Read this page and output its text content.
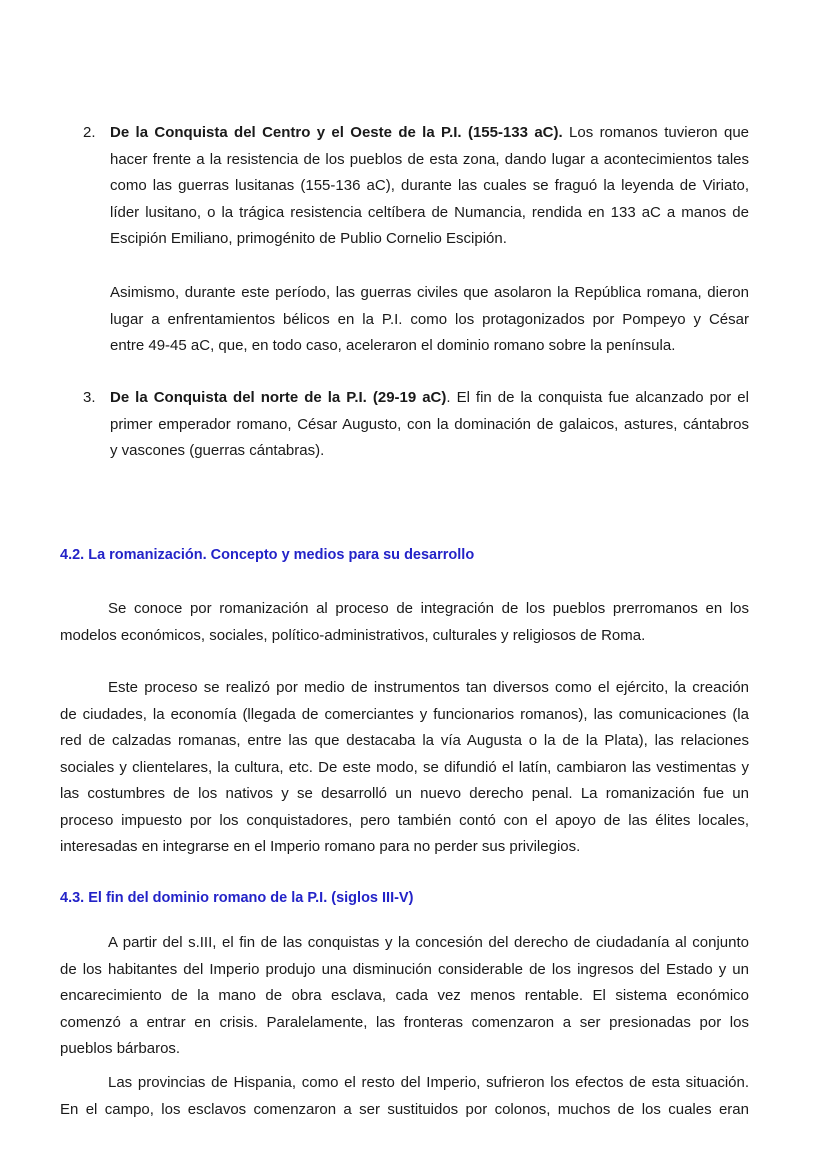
2. De la Conquista del Centro y el Oeste de la P.I. (155-133 aC). Los romanos tuvieron que
hacer frente a la resistencia de los pueblos de esta zona, dando lugar a acontecimientos tales
como las guerras lusitanas (155-136 aC), durante las cuales se fraguó la leyenda de Viriato,
líder lusitano, o la trágica resistencia celtíbera de Numancia, rendida en 133 aC a manos de
Escipión Emiliano, primogénito de Publio Cornelio Escipión.
Asimismo, durante este período, las guerras civiles que asolaron la República romana, dieron
lugar a enfrentamientos bélicos en la P.I. como los protagonizados por Pompeyo y César
entre 49-45 aC, que, en todo caso, aceleraron el dominio romano sobre la península.
3. De la Conquista del norte de la P.I. (29-19 aC). El fin de la conquista fue alcanzado por el
primer emperador romano, César Augusto, con la dominación de galaicos, astures, cántabros
y vascones (guerras cántabras).
4.2. La romanización. Concepto y medios para su desarrollo
Se conoce por romanización al proceso de integración de los pueblos prerromanos en los
modelos económicos, sociales, político-administrativos, culturales y religiosos de Roma.
Este proceso se realizó por medio de instrumentos tan diversos como el ejército, la creación
de ciudades, la economía (llegada de comerciantes y funcionarios romanos), las comunicaciones (la
red de calzadas romanas, entre las que destacaba la vía Augusta o la de la Plata), las relaciones
sociales y clientelares, la cultura, etc. De este modo, se difundió el latín, cambiaron las vestimentas y
las costumbres de los nativos y se desarrolló un nuevo derecho penal. La romanización fue un
proceso impuesto por los conquistadores, pero también contó con el apoyo de las élites locales,
interesadas en integrarse en el Imperio romano para no perder sus privilegios.
4.3. El fin del dominio romano de la P.I. (siglos III-V)
A partir del s.III, el fin de las conquistas y la concesión del derecho de ciudadanía al conjunto
de los habitantes del Imperio produjo una disminución considerable de los ingresos del Estado y un
encarecimiento de la mano de obra esclava, cada vez menos rentable. El sistema económico
comenzó a entrar en crisis. Paralelamente, las fronteras comenzaron a ser presionadas por los
pueblos bárbaros.
Las provincias de Hispania, como el resto del Imperio, sufrieron los efectos de esta situación.
En el campo, los esclavos comenzaron a ser sustituidos por colonos, muchos de los cuales eran
